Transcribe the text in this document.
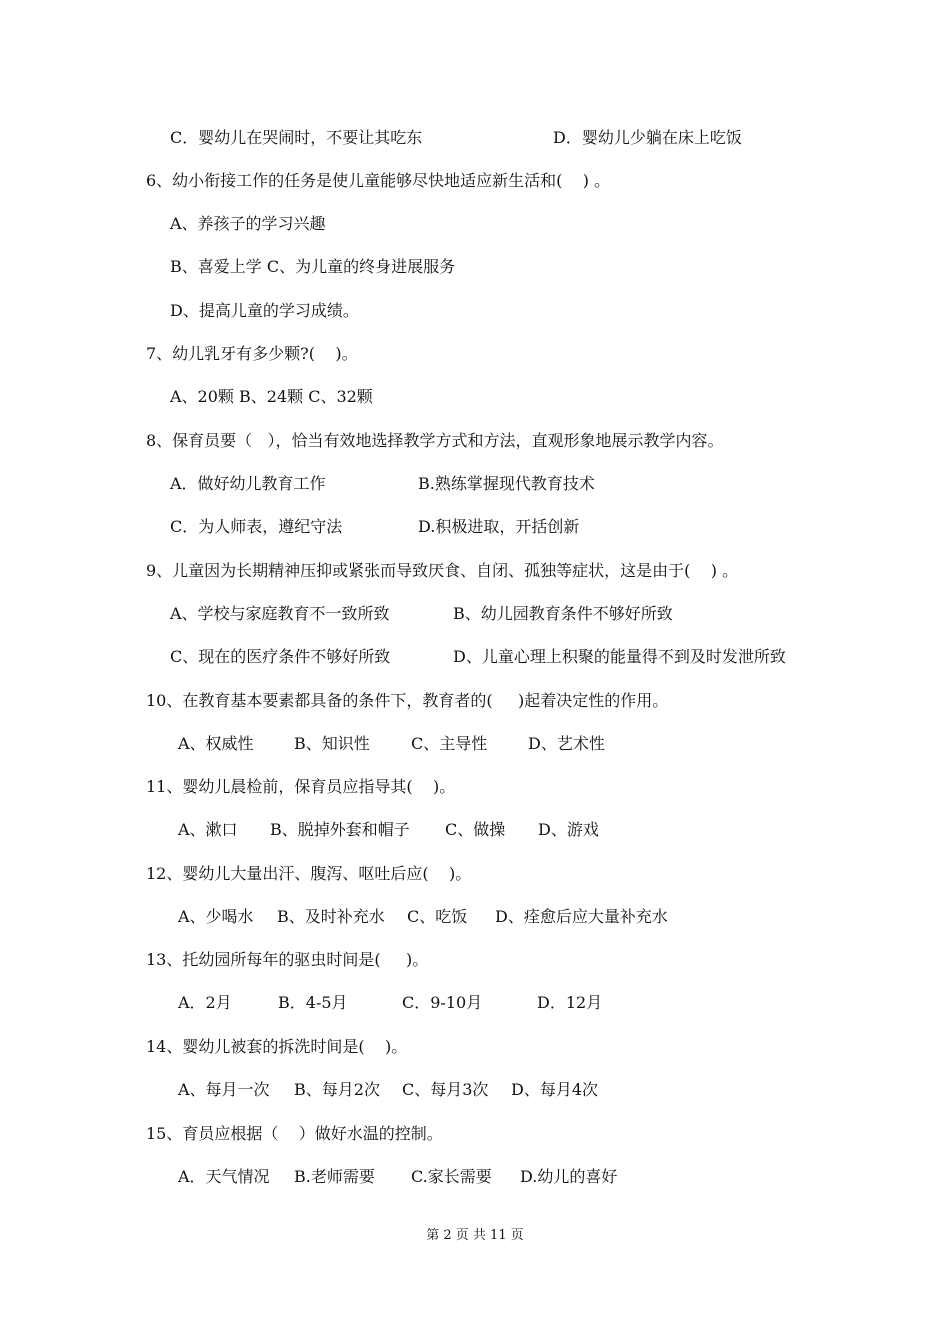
C．婴幼儿在哭闹时，不要让其吃东	D．婴幼儿少躺在床上吃饭
6、幼小衔接工作的任务是使儿童能够尽快地适应新生活和(    ) 。
A、养孩子的学习兴趣
B、喜爱上学 C、为儿童的终身进展服务
D、提高儿童的学习成绩。
7、幼儿乳牙有多少颗?(    )。
A、20颗 B、24颗 C、32颗
8、保育员要（   ），恰当有效地选择教学方式和方法，直观形象地展示教学内容。
A．做好幼儿教育工作	B.熟练掌握现代教育技术
C．为人师表，遵纪守法	D.积极进取，开括创新
9、儿童因为长期精神压抑或紧张而导致厌食、自闭、孤独等症状，这是由于(    ) 。
A、学校与家庭教育不一致所致	B、幼儿园教育条件不够好所致
C、现在的医疗条件不够好所致	D、儿童心理上积聚的能量得不到及时发泄所致
10、在教育基本要素都具备的条件下，教育者的(     )起着决定性的作用。
A、权威性	B、知识性	C、主导性	D、艺术性
11、婴幼儿晨检前，保育员应指导其(    )。
A、漱口 B、脱掉外套和帽子 C、做操 D、游戏
12、婴幼儿大量出汗、腹泻、呕吐后应(    )。
A、少喝水 B、及时补充水 C、吃饭 D、痊愈后应大量补充水
13、托幼园所每年的驱虫时间是(     )。
A．2月	B．4-5月	C．9-10月	D．12月
14、婴幼儿被套的拆洗时间是(    )。
A、每月一次 B、每月2次 C、每月3次 D、每月4次
15、育员应根据（    ）做好水温的控制。
A．天气情况 B.老师需要 C.家长需要 D.幼儿的喜好
第 2 页 共 11 页
